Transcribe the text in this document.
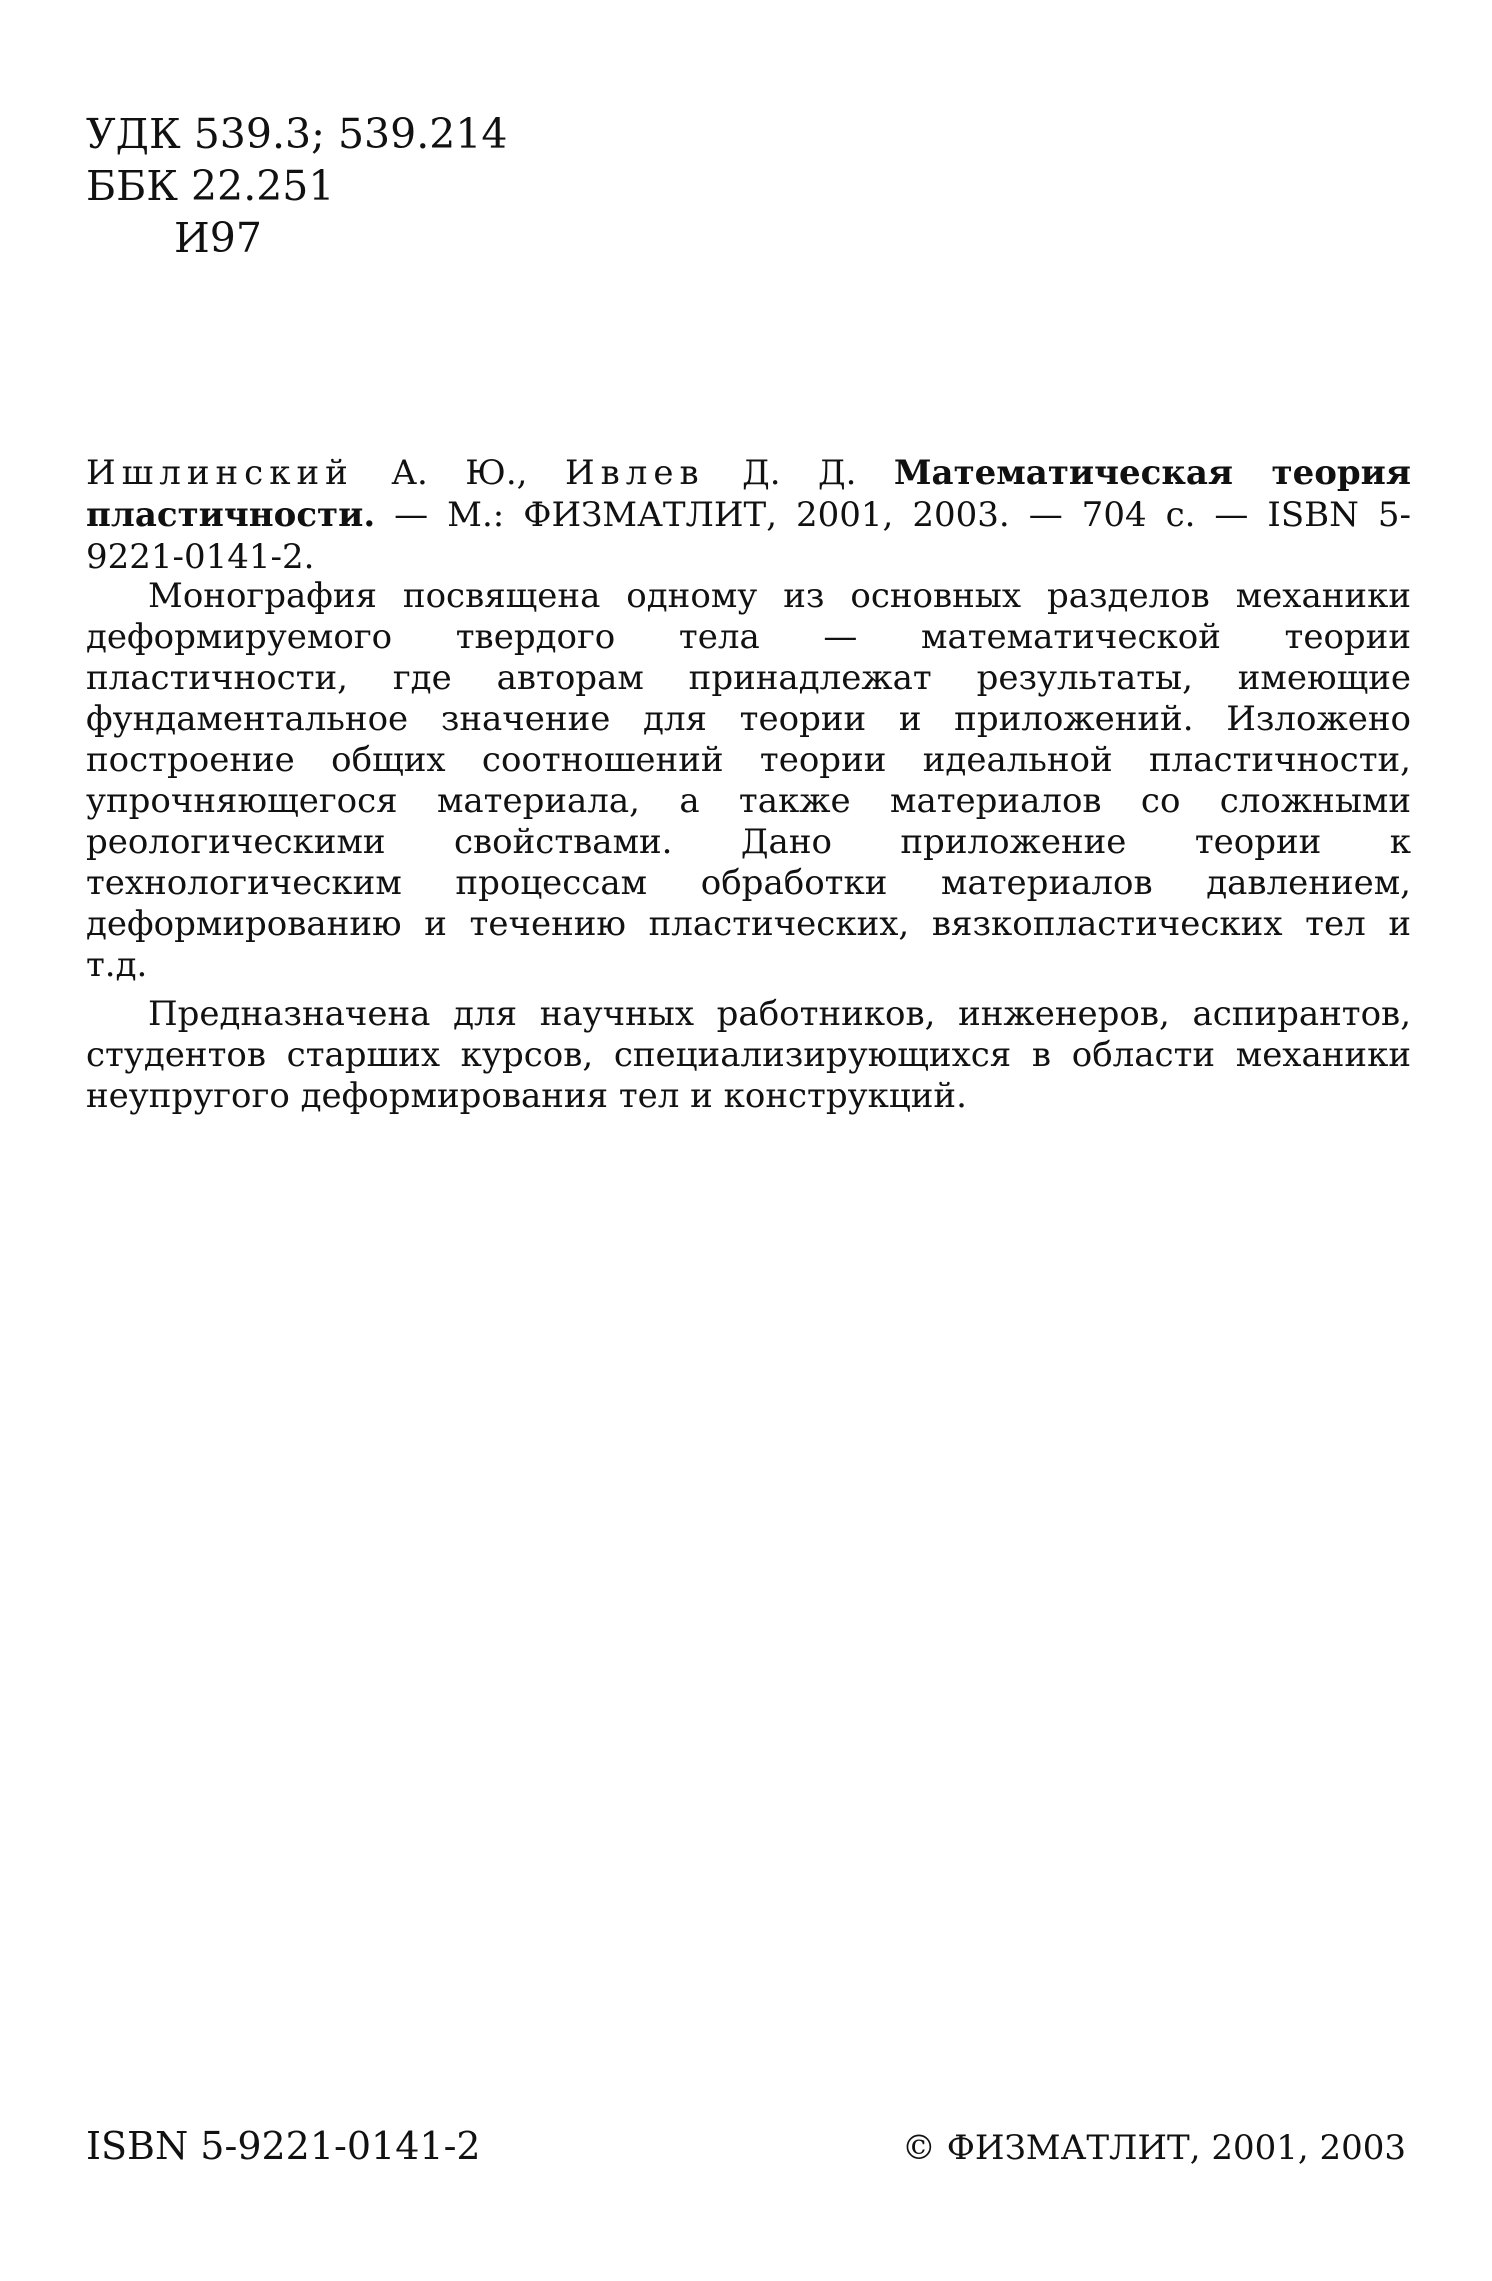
УДК 539.3; 539.214
ББК 22.251
И97
Ишлинский А. Ю., Ивлев Д. Д. Математическая теория пластичности. — М.: ФИЗМАТЛИТ, 2001, 2003. — 704 с. — ISBN 5-9221-0141-2.

Монография посвящена одному из основных разделов механики деформируемого твердого тела — математической теории пластичности, где авторам принадлежат результаты, имеющие фундаментальное значение для теории и приложений. Изложено построение общих соотношений теории идеальной пластичности, упрочняющегося материала, а также материалов со сложными реологическими свойствами. Дано приложение теории к технологическим процессам обработки материалов давлением, деформированию и течению пластических, вязкопластических тел и т.д.

Предназначена для научных работников, инженеров, аспирантов, студентов старших курсов, специализирующихся в области механики неупругого деформирования тел и конструкций.

ISBN 5-9221-0141-2	© ФИЗМАТЛИТ, 2001, 2003
